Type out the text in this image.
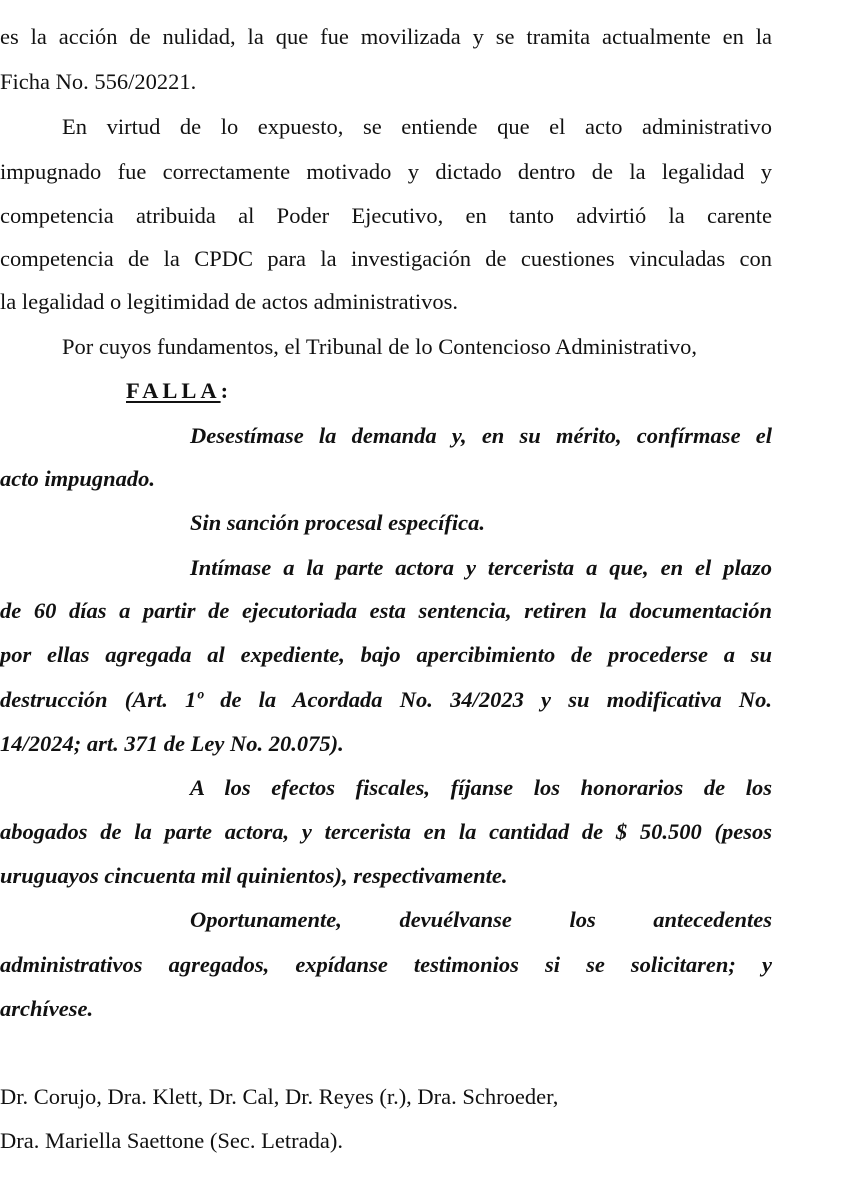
es la acción de nulidad, la que fue movilizada y se tramita actualmente en la
Ficha No. 556/20221.
En virtud de lo expuesto, se entiende que el acto administrativo
impugnado fue correctamente motivado y dictado dentro de la legalidad y
competencia atribuida al Poder Ejecutivo, en tanto advirtió la carente
competencia de la CPDC para la investigación de cuestiones vinculadas con
la legalidad o legitimidad de actos administrativos.
Por cuyos fundamentos, el Tribunal de lo Contencioso Administrativo,
FALLA:
Desestímase la demanda y, en su mérito, confírmase el
acto impugnado.
Sin sanción procesal específica.
Intímase a la parte actora y tercerista a que, en el plazo
de 60 días a partir de ejecutoriada esta sentencia, retiren la documentación
por ellas agregada al expediente, bajo apercibimiento de procederse a su
destrucción (Art. 1º de la Acordada No. 34/2023 y su modificativa No.
14/2024; art. 371 de Ley No. 20.075).
A los efectos fiscales, fíjanse los honorarios de los
abogados de la parte actora, y tercerista en la cantidad de $ 50.500 (pesos
uruguayos cincuenta mil quinientos), respectivamente.
Oportunamente, devuélvanse los antecedentes
administrativos agregados, expídanse testimonios si se solicitaren; y
archívese.
Dr. Corujo, Dra. Klett, Dr. Cal, Dr. Reyes (r.), Dra. Schroeder,
Dra. Mariella Saettone (Sec. Letrada).
